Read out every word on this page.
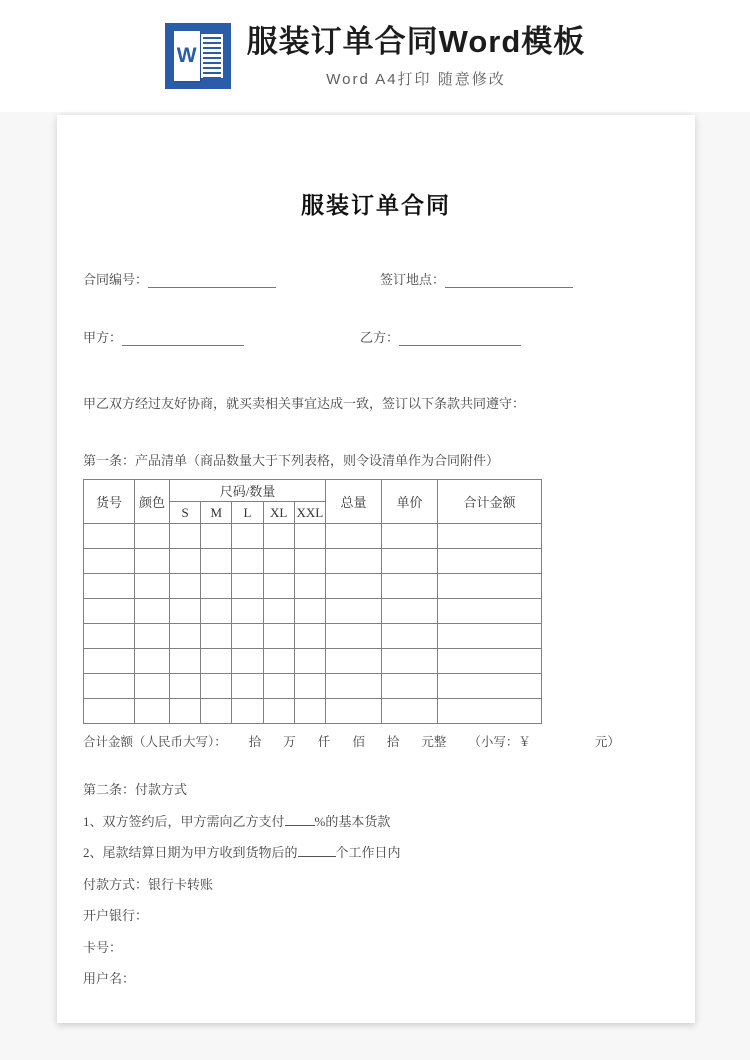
W 服装订单合同Word模板
Word A4打印 随意修改
服装订单合同
合同编号：	签订地点：
甲方：	乙方：
甲乙双方经过友好协商，就买卖相关事宜达成一致，签订以下条款共同遵守：
第一条：产品清单（商品数量大于下列表格，则令设清单作为合同附件）
货号	颜色	尺码/数量					总量	单价	合计金额
		S	M	L	XL	XXL			

合计金额（人民币大写）： 拾 万 仟 佰 拾 元整 （小写：￥	元）
第二条：付款方式
1、双方签约后，甲方需向乙方支付 %的基本货款
2、尾款结算日期为甲方收到货物后的	个工作日内
付款方式：银行卡转账
开户银行：
卡号：
用户名：
